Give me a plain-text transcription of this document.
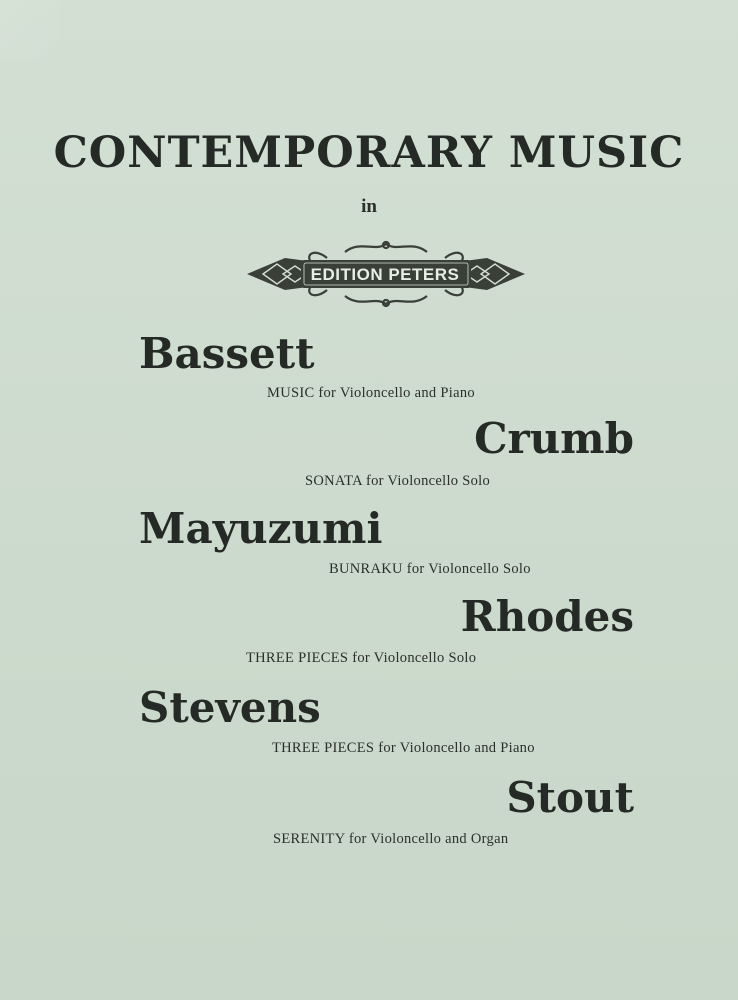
CONTEMPORARY MUSIC
in
EDITION PETERS
Bassett
MUSIC for Violoncello and Piano
Crumb
SONATA for Violoncello Solo
Mayuzumi
BUNRAKU for Violoncello Solo
Rhodes
THREE PIECES for Violoncello Solo
Stevens
THREE PIECES for Violoncello and Piano
Stout
SERENITY for Violoncello and Organ
